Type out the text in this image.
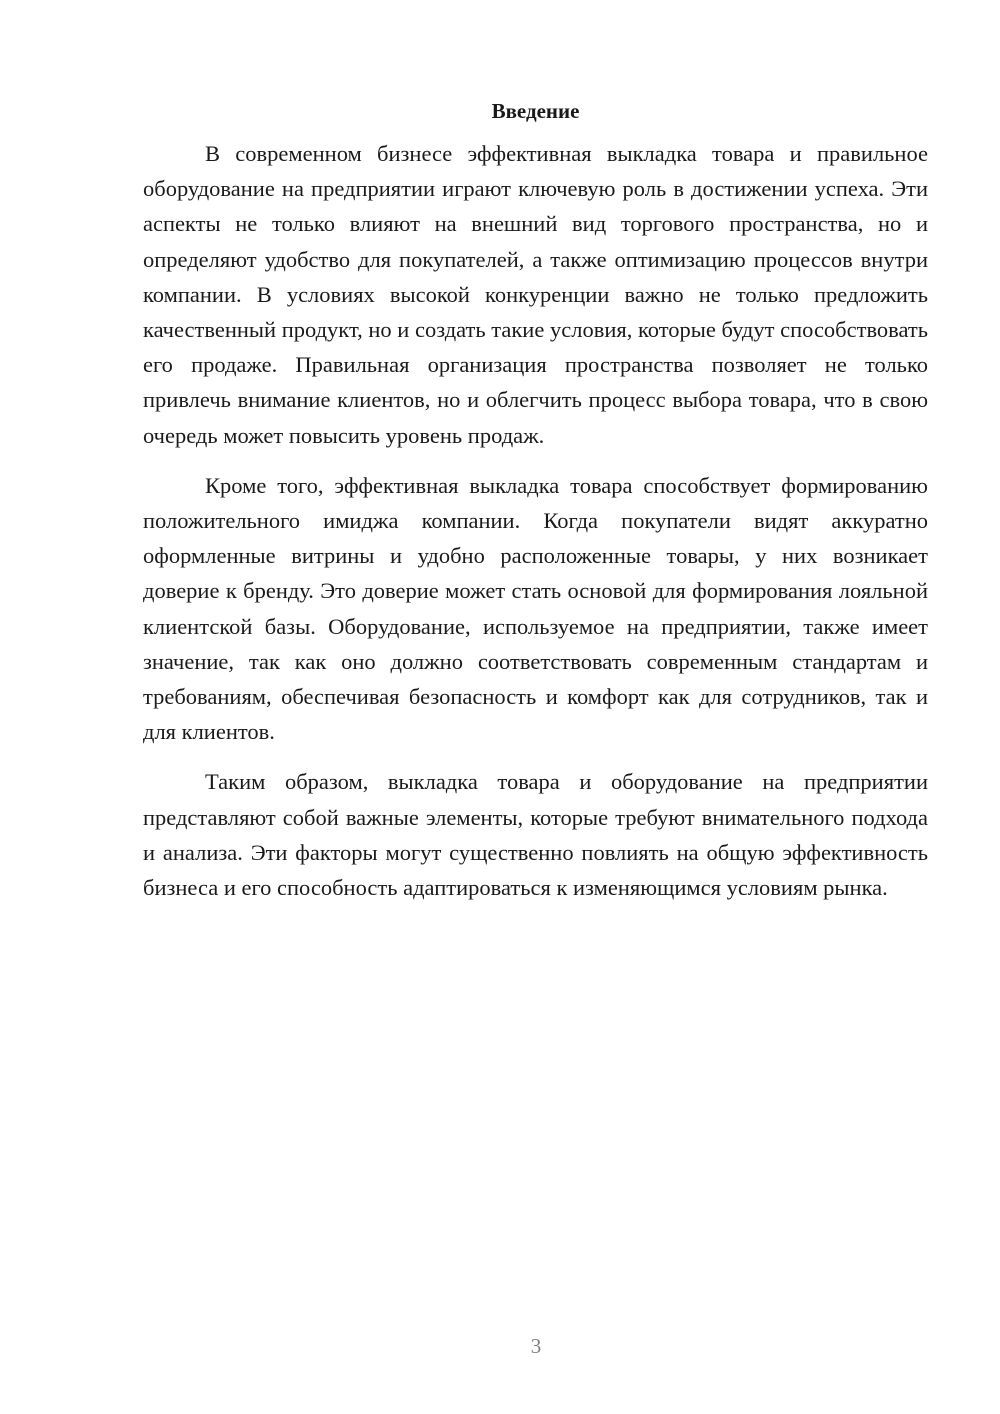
Введение

В современном бизнесе эффективная выкладка товара и правильное оборудование на предприятии играют ключевую роль в достижении успеха. Эти аспекты не только влияют на внешний вид торгового пространства, но и определяют удобство для покупателей, а также оптимизацию процессов внутри компании. В условиях высокой конкуренции важно не только предложить качественный продукт, но и создать такие условия, которые будут способствовать его продаже. Правильная организация пространства позволяет не только привлечь внимание клиентов, но и облегчить процесс выбора товара, что в свою очередь может повысить уровень продаж.

Кроме того, эффективная выкладка товара способствует формированию положительного имиджа компании. Когда покупатели видят аккуратно оформленные витрины и удобно расположенные товары, у них возникает доверие к бренду. Это доверие может стать основой для формирования лояльной клиентской базы. Оборудование, используемое на предприятии, также имеет значение, так как оно должно соответствовать современным стандартам и требованиям, обеспечивая безопасность и комфорт как для сотрудников, так и для клиентов.

Таким образом, выкладка товара и оборудование на предприятии представляют собой важные элементы, которые требуют внимательного подхода и анализа. Эти факторы могут существенно повлиять на общую эффективность бизнеса и его способность адаптироваться к изменяющимся условиям рынка.

3
